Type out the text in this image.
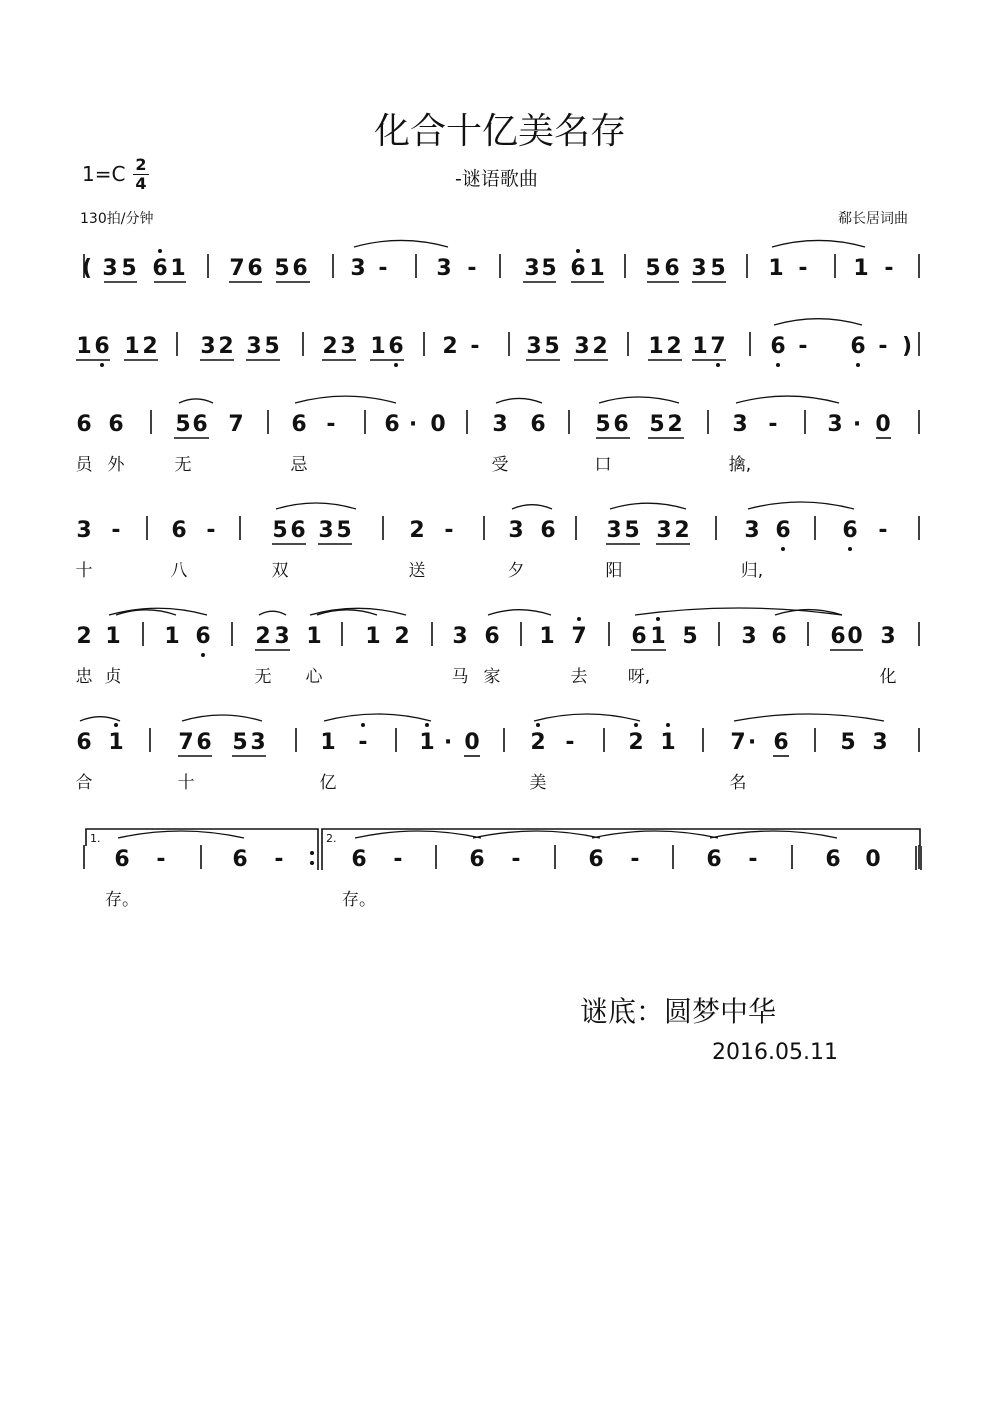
化合十亿美名存
1=C 2
4	-谜语歌曲
130拍/分钟	郗长居词曲
( 3 5 6 1 7 6 5 6 3 - 3 - 3 5 6 1 5 6 3 5 1 - 1 -
1 6 1 2 3 2 3 5 2 3 1 6 2 - 3 5 3 2 1 2 1 7 6 - 6 - )
6 6 5 6 7 6 - 6 · 0 3 6 5 6 5 2 3 - 3 · 0
员 外	无	忌	受	口	擒,
3 - 6 -	5 6 3 5	2 - 3 6 3 5 3 2 3 6 6 -
十	八	双	送	夕	阳	归,
2 1 1 6 2 3 1 1 2 3 6 1 7 6 1 5 3 6 6 0 3
忠 贞	无 心	马 家	去 呀,	化
6 1 7 6 5 3 1 - 1 · 0 2 - 2 1 7 · 6 5 3
合	十	亿	美	名
6 -	6 -	6 -	6 -	6 -	6 -	6 0
存。	存。
1.	2.
谜底：圆梦中华
2016.05.11
